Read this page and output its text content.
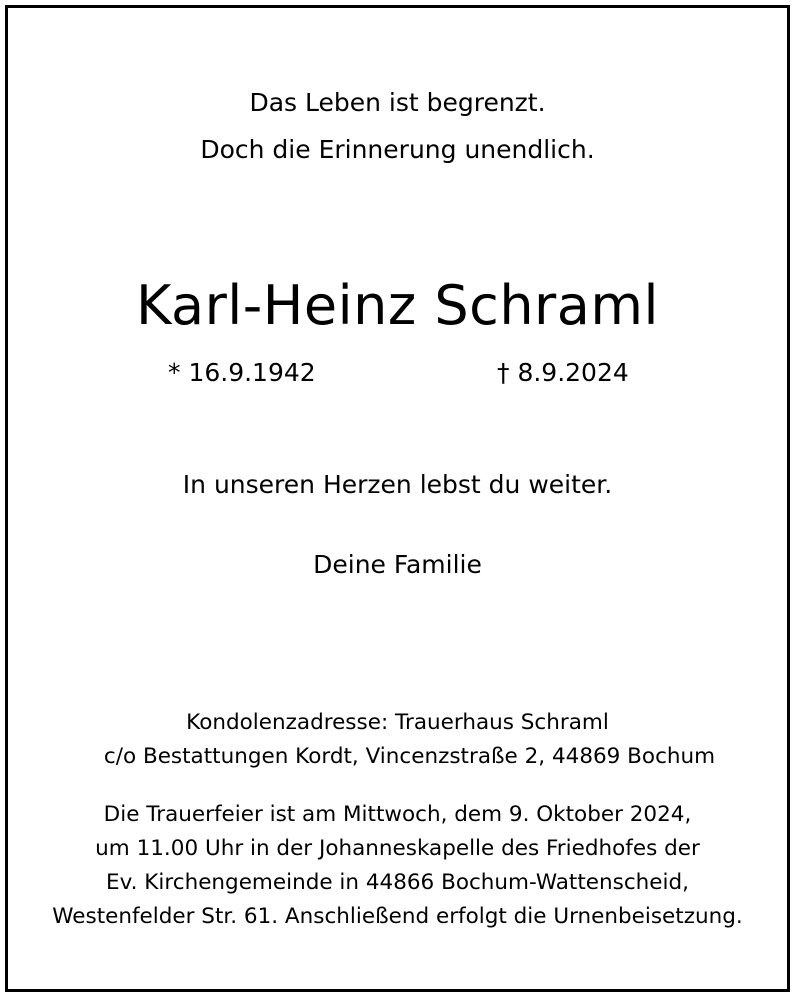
Das Leben ist begrenzt.
Doch die Erinnerung unendlich.
Karl-Heinz Schraml
* 16.9.1942	† 8.9.2024
In unseren Herzen lebst du weiter.
Deine Familie
Kondolenzadresse: Trauerhaus Schraml
c/o Bestattungen Kordt, Vincenzstraße 2, 44869 Bochum
Die Trauerfeier ist am Mittwoch, dem 9. Oktober 2024,
um 11.00 Uhr in der Johanneskapelle des Friedhofes der
Ev. Kirchengemeinde in 44866 Bochum-Wattenscheid,
Westenfelder Str. 61. Anschließend erfolgt die Urnenbeisetzung.
